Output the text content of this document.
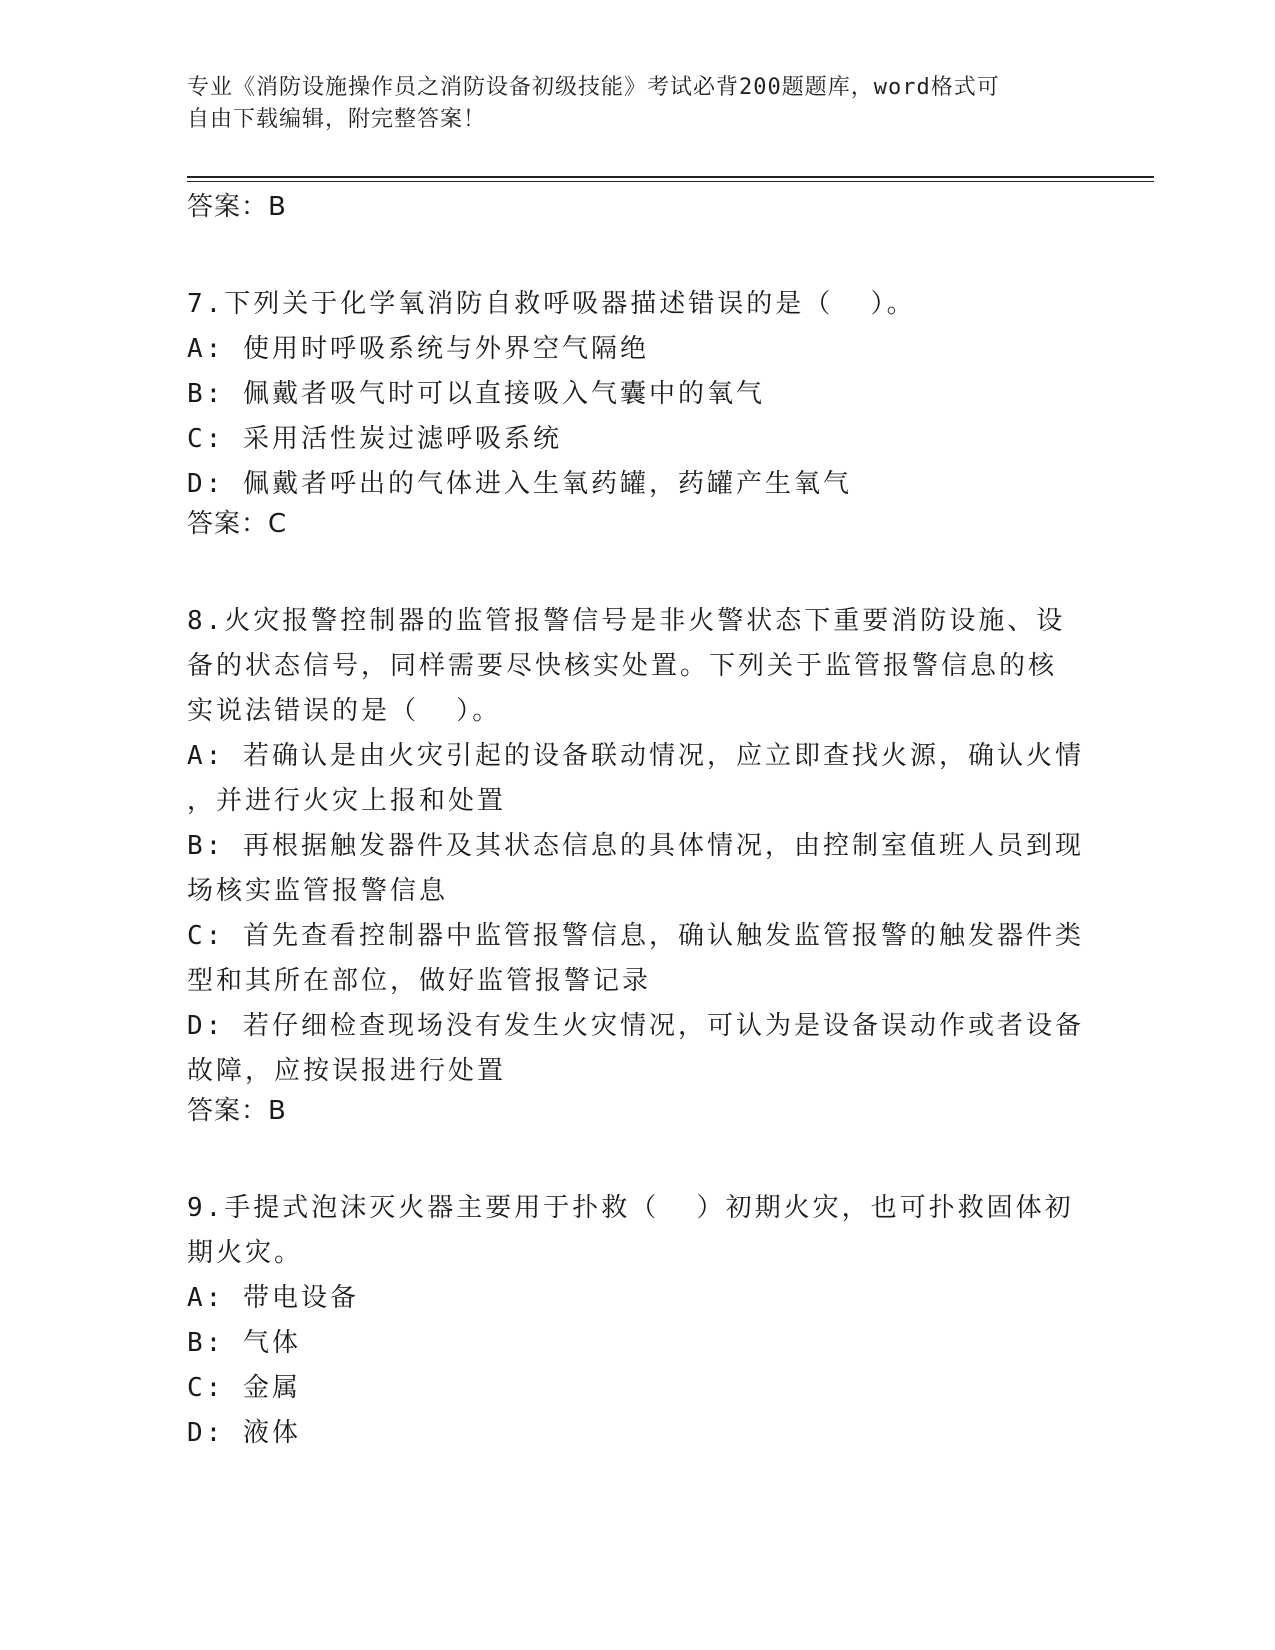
专业《消防设施操作员之消防设备初级技能》考试必背200题题库，word格式可
自由下载编辑，附完整答案！

答案：B

7.下列关于化学氧消防自救呼吸器描述错误的是（  ）。

A: 使用时呼吸系统与外界空气隔绝

B: 佩戴者吸气时可以直接吸入气囊中的氧气

C: 采用活性炭过滤呼吸系统

D: 佩戴者呼出的气体进入生氧药罐，药罐产生氧气

答案：C

8.火灾报警控制器的监管报警信号是非火警状态下重要消防设施、设

备的状态信号，同样需要尽快核实处置。下列关于监管报警信息的核

实说法错误的是（  ）。

A: 若确认是由火灾引起的设备联动情况，应立即查找火源，确认火情

，并进行火灾上报和处置

B: 再根据触发器件及其状态信息的具体情况，由控制室值班人员到现

场核实监管报警信息

C: 首先查看控制器中监管报警信息，确认触发监管报警的触发器件类

型和其所在部位，做好监管报警记录

D: 若仔细检查现场没有发生火灾情况，可认为是设备误动作或者设备

故障，应按误报进行处置

答案：B

9.手提式泡沫灭火器主要用于扑救（  ）初期火灾，也可扑救固体初

期火灾。

A: 带电设备

B: 气体

C: 金属

D: 液体
